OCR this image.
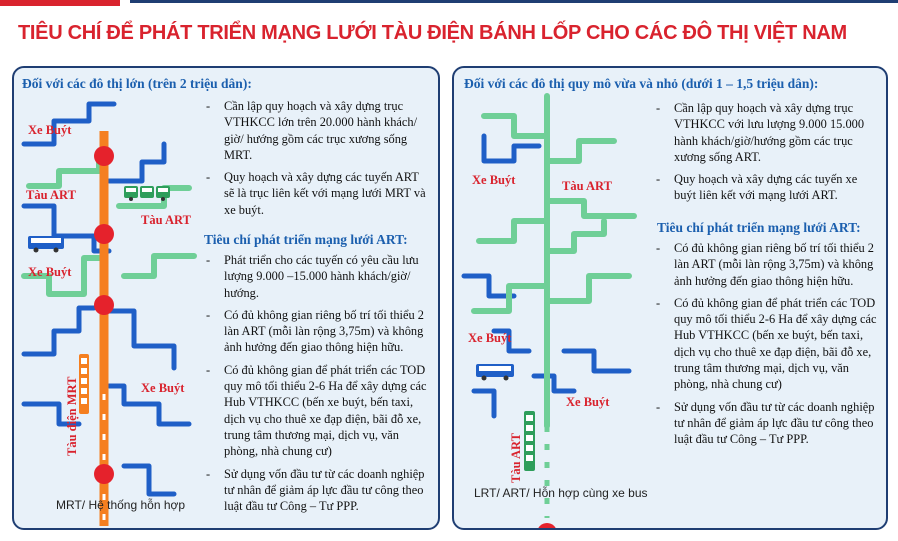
TIÊU CHÍ ĐỂ PHÁT TRIỂN MẠNG LƯỚI TÀU ĐIỆN BÁNH LỐP CHO CÁC ĐÔ THỊ VIỆT NAM
Đối với các đô thị lớn (trên 2 triệu dân):
Xe Buýt
Tàu ART
Tàu ART
Xe Buýt
Xe Buýt
Tàu điện MRT
MRT/ Hệ thống hỗn hợp
- Cần lập quy hoạch và xây dựng trục VTHKCC lớn trên 20.000 hành khách/ giờ/ hướng gồm các trục xương sống MRT.
- Quy hoạch và xây dựng các tuyến ART sẽ là trục liên kết với mạng lưới MRT và xe buýt.
Tiêu chí phát triển mạng lưới ART:
- Phát triển cho các tuyến có yêu cầu lưu lượng 9.000 –15.000 hành khách/giờ/ hướng.
- Có đủ không gian riêng bố trí tối thiểu 2 làn ART (mỗi làn rộng 3,75m) và không ảnh hưởng đến giao thông hiện hữu.
- Có đủ không gian để phát triển các TOD quy mô tối thiểu 2-6 Ha để xây dựng các Hub VTHKCC (bến xe buýt, bến taxi, dịch vụ cho thuê xe đạp điện, bãi đỗ xe, trung tâm thương mại, dịch vụ, văn phòng, nhà chung cư)
- Sử dụng vốn đầu tư từ các doanh nghiệp tư nhân để giảm áp lực đầu tư công theo luật đầu tư Công – Tư PPP.
Đối với các đô thị quy mô vừa và nhỏ (dưới 1 – 1,5 triệu dân):
Xe Buýt	Tàu ART
Xe Buýt
Tàu ART
Xe Buýt
LRT/ ART/ Hỗn hợp cùng xe bus
- Cần lập quy hoạch và xây dựng trục VTHKCC với lưu lượng 9.000 15.000 hành khách/giờ/hướng gồm các trục xương sống ART.
- Quy hoạch và xây dựng các tuyến xe buýt liên kết với mạng lưới ART.
Tiêu chí phát triển mạng lưới ART:
- Có đủ không gian riêng bố trí tối thiểu 2 làn ART (mỗi làn rộng 3,75m) và không ảnh hưởng đến giao thông hiện hữu.
- Có đủ không gian để phát triển các TOD quy mô tối thiểu 2-6 Ha để xây dựng các Hub VTHKCC (bến xe buýt, bến taxi, dịch vụ cho thuê xe đạp điện, bãi đỗ xe, trung tâm thương mại, dịch vụ, văn phòng, nhà chung cư)
- Sử dụng vốn đầu tư từ các doanh nghiệp tư nhân để giảm áp lực đầu tư công theo luật đầu tư Công – Tư PPP.
